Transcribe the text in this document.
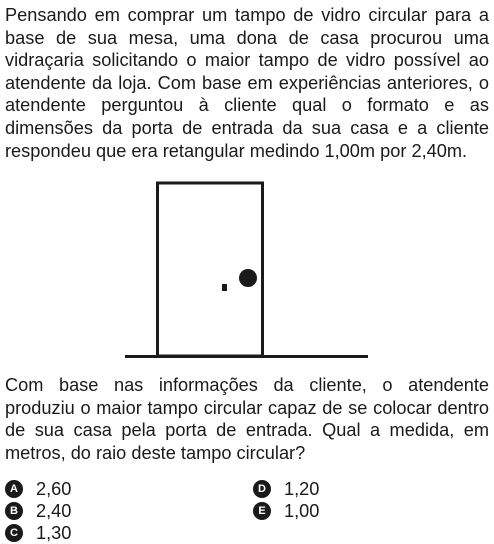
Pensando em comprar um tampo de vidro circular para a base de sua mesa, uma dona de casa procurou uma vidraçaria solicitando o maior tampo de vidro possível ao atendente da loja. Com base em experiências anteriores, o atendente perguntou à cliente qual o formato e as dimensões da porta de entrada da sua casa e a cliente respondeu que era retangular medindo 1,00m por 2,40m.

Com base nas informações da cliente, o atendente produziu o maior tampo circular capaz de se colocar dentro de sua casa pela porta de entrada. Qual a medida, em metros, do raio deste tampo circular?

A 2,60
B 2,40
C 1,30
D 1,20
E 1,00
